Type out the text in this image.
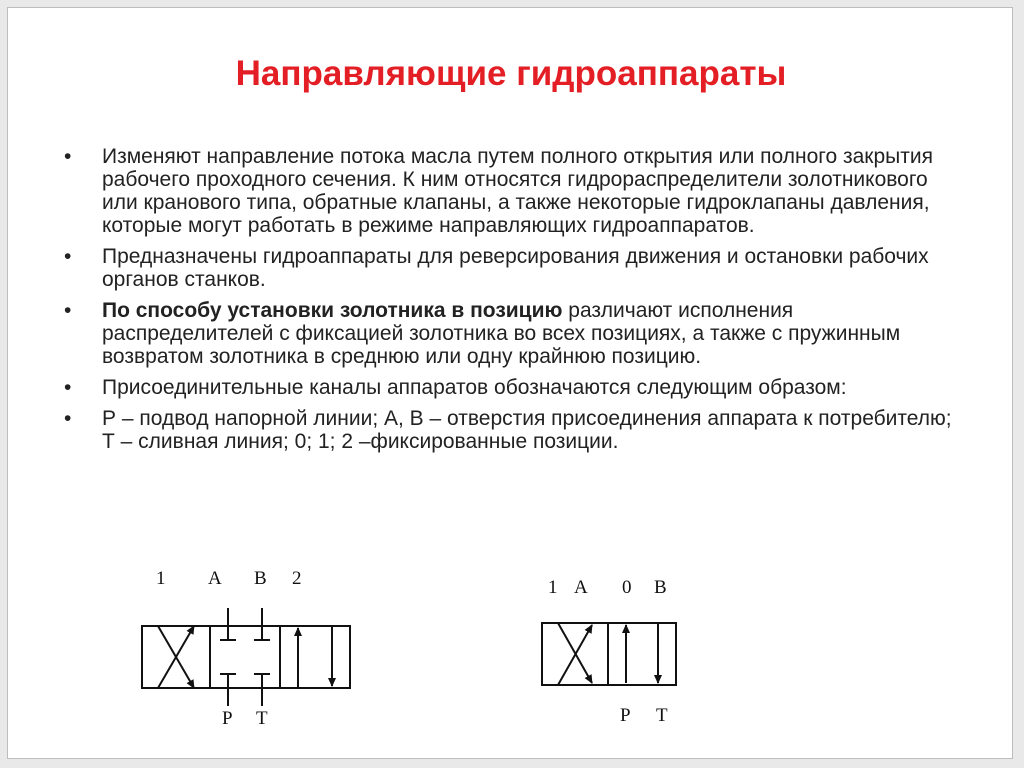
Направляющие гидроаппараты
•	Изменяют направление потока масла путем полного открытия или полного закрытия рабочего проходного сечения. К ним относятся гидрораспределители золотникового или кранового типа, обратные клапаны, а также некоторые гидроклапаны давления, которые могут работать в режиме направляющих гидроаппаратов.
•	Предназначены гидроаппараты для реверсирования движения и остановки рабочих органов станков.
•	По способу установки золотника в позицию различают исполнения распределителей с фиксацией золотника во всех позициях, а также с пружинным возвратом золотника в среднюю или одну крайнюю позицию.
•	Присоединительные каналы аппаратов обозначаются следующим образом:
•	Р – подвод напорной линии; А, В – отверстия присоединения аппарата к потребителю; Т – сливная линия; 0; 1; 2 –фиксированные позиции.
1 A B 2
P T
1 A 0 B
P T
